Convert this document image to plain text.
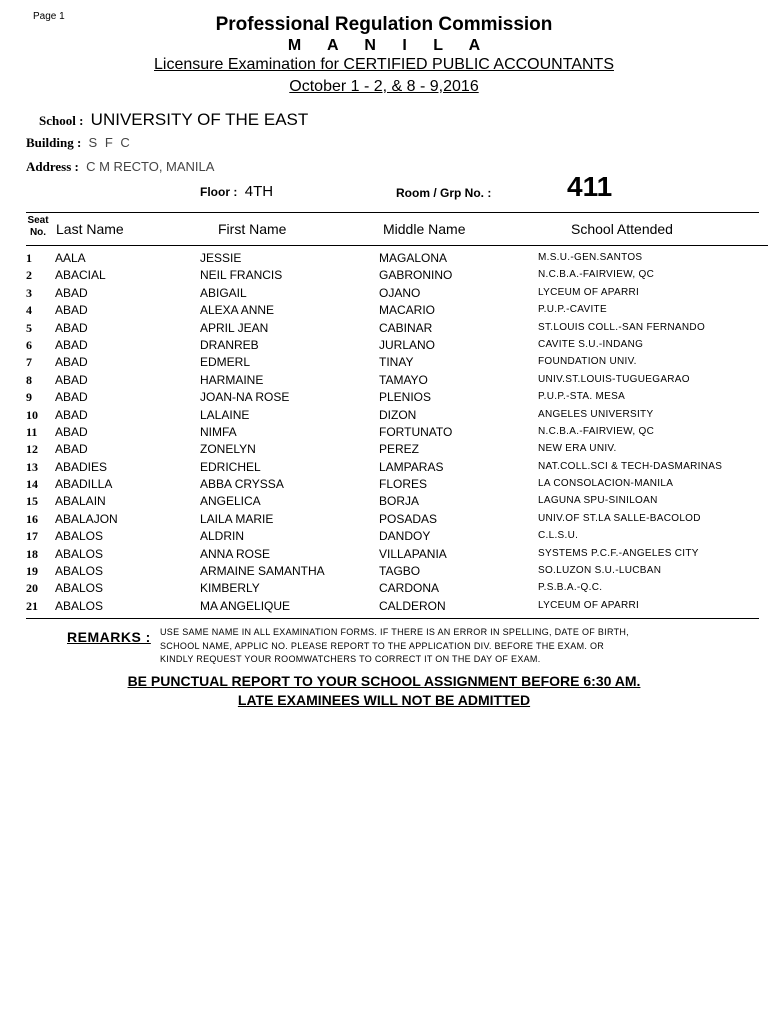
Page 1	Professional Regulation Commission
M A N I L A
Licensure Examination for CERTIFIED PUBLIC ACCOUNTANTS
October 1 - 2, & 8 - 9,2016
School : UNIVERSITY OF THE EAST
Building : S F C
Address : C M RECTO, MANILA
Floor : 4TH	Room / Grp No. :	411
Seat
No. Last Name	First Name	Middle Name	School Attended
1 AALA	JESSIE	MAGALONA	M.S.U.-GEN.SANTOS
2 ABACIAL	NEIL FRANCIS	GABRONINO	N.C.B.A.-FAIRVIEW, QC
3 ABAD	ABIGAIL	OJANO	LYCEUM OF APARRI
4 ABAD	ALEXA ANNE	MACARIO	P.U.P.-CAVITE
5 ABAD	APRIL JEAN	CABINAR	ST.LOUIS COLL.-SAN FERNANDO
6 ABAD	DRANREB	JURLANO	CAVITE S.U.-INDANG
7 ABAD	EDMERL	TINAY	FOUNDATION UNIV.
8 ABAD	HARMAINE	TAMAYO	UNIV.ST.LOUIS-TUGUEGARAO
9 ABAD	JOAN-NA ROSE	PLENIOS	P.U.P.-STA. MESA
10 ABAD	LALAINE	DIZON	ANGELES UNIVERSITY
11 ABAD	NIMFA	FORTUNATO	N.C.B.A.-FAIRVIEW, QC
12 ABAD	ZONELYN	PEREZ	NEW ERA UNIV.
13 ABADIES	EDRICHEL	LAMPARAS	NAT.COLL.SCI & TECH-DASMARINAS
14 ABADILLA	ABBA CRYSSA	FLORES	LA CONSOLACION-MANILA
15 ABALAIN	ANGELICA	BORJA	LAGUNA SPU-SINILOAN
16 ABALAJON	LAILA MARIE	POSADAS	UNIV.OF ST.LA SALLE-BACOLOD
17 ABALOS	ALDRIN	DANDOY	C.L.S.U.
18 ABALOS	ANNA ROSE	VILLAPANIA	SYSTEMS P.C.F.-ANGELES CITY
19 ABALOS	ARMAINE SAMANTHA	TAGBO	SO.LUZON S.U.-LUCBAN
20 ABALOS	KIMBERLY	CARDONA	P.S.B.A.-Q.C.
21 ABALOS	MA ANGELIQUE	CALDERON	LYCEUM OF APARRI
REMARKS : USE SAME NAME IN ALL EXAMINATION FORMS. IF THERE IS AN ERROR IN SPELLING, DATE OF BIRTH,
SCHOOL NAME, APPLIC NO. PLEASE REPORT TO THE APPLICATION DIV. BEFORE THE EXAM. OR
KINDLY REQUEST YOUR ROOMWATCHERS TO CORRECT IT ON THE DAY OF EXAM.
BE PUNCTUAL REPORT TO YOUR SCHOOL ASSIGNMENT BEFORE 6:30 AM.
LATE EXAMINEES WILL NOT BE ADMITTED
